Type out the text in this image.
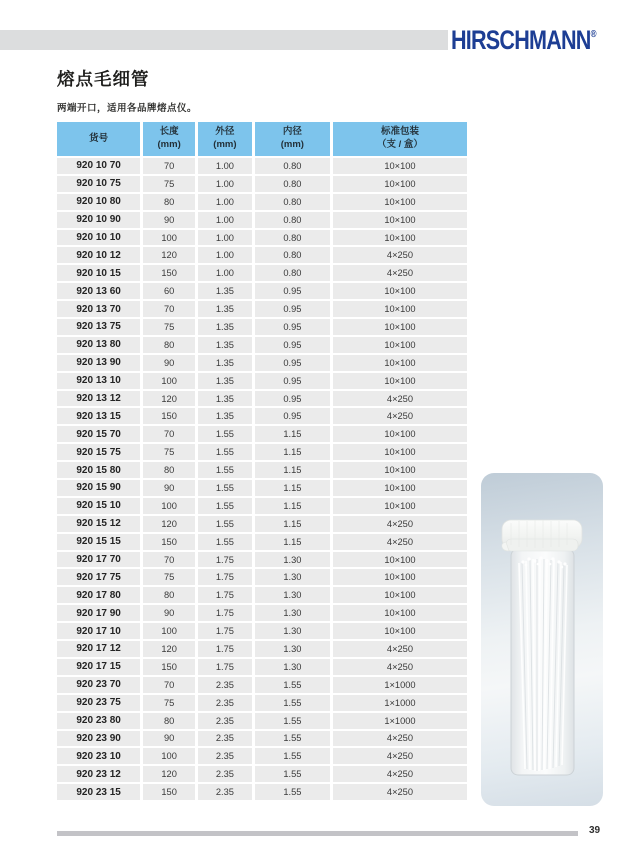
HIRSCHMANN®
熔点毛细管
两端开口，适用各品牌熔点仪。
货号

长度
(mm)

外径
(mm)

内径
(mm)

标准包装
（支 / 盒）

920 10 70	70	1.00	0.80	10×100
920 10 75	75	1.00	0.80	10×100
920 10 80	80	1.00	0.80	10×100
920 10 90	90	1.00	0.80	10×100
920 10 10	100	1.00	0.80	10×100
920 10 12	120	1.00	0.80	4×250
920 10 15	150	1.00	0.80	4×250
920 13 60	60	1.35	0.95	10×100
920 13 70	70	1.35	0.95	10×100
920 13 75	75	1.35	0.95	10×100
920 13 80	80	1.35	0.95	10×100
920 13 90	90	1.35	0.95	10×100
920 13 10	100	1.35	0.95	10×100
920 13 12	120	1.35	0.95	4×250
920 13 15	150	1.35	0.95	4×250
920 15 70	70	1.55	1.15	10×100
920 15 75	75	1.55	1.15	10×100
920 15 80	80	1.55	1.15	10×100
920 15 90	90	1.55	1.15	10×100
920 15 10	100	1.55	1.15	10×100
920 15 12	120	1.55	1.15	4×250
920 15 15	150	1.55	1.15	4×250
920 17 70	70	1.75	1.30	10×100
920 17 75	75	1.75	1.30	10×100
920 17 80	80	1.75	1.30	10×100
920 17 90	90	1.75	1.30	10×100
920 17 10	100	1.75	1.30	10×100
920 17 12	120	1.75	1.30	4×250
920 17 15	150	1.75	1.30	4×250
920 23 70	70	2.35	1.55	1×1000
920 23 75	75	2.35	1.55	1×1000
920 23 80	80	2.35	1.55	1×1000
920 23 90	90	2.35	1.55	4×250
920 23 10	100	2.35	1.55	4×250
920 23 12	120	2.35	1.55	4×250
920 23 15	150	2.35	1.55	4×250
39
